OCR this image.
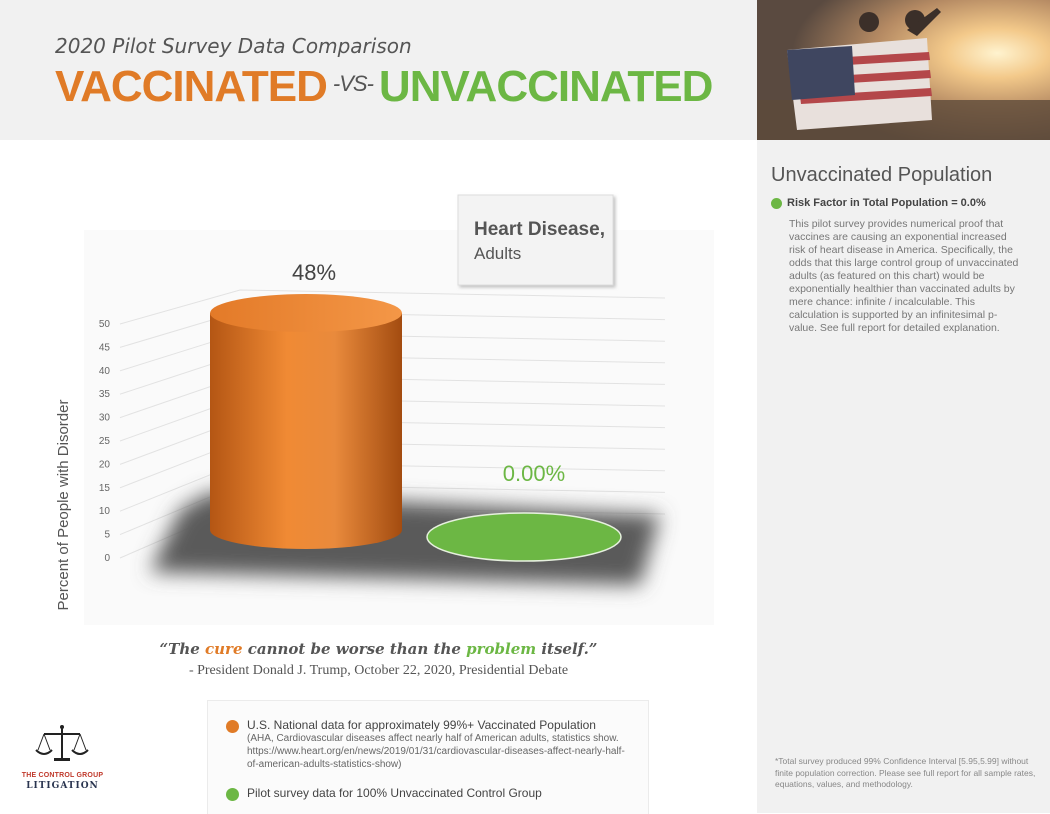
2020 Pilot Survey Data Comparison
VACCINATED $^{-VS-}$ UNVACCINATED
Unvaccinated Population
Risk Factor in Total Population = 0.0%
This pilot survey provides numerical proof that vaccines are causing an exponential increased risk of heart disease in America. Specifically, the odds that this large control group of unvaccinated adults (as featured on this chart) would be exponentially healthier than vaccinated adults by mere chance: infinite / incalculable. This calculation is supported by an infinitesimal p-value. See full report for detailed explanation.
*Total survey produced 99% Confidence Interval [5.95,5.99] without finite population correction. Please see full report for all sample rates, equations, values, and methodology.
0
5
10
15
20
25
30
35
40
45
50
48%
0.00%
Percent of People with Disorder
Heart Disease,
Adults
“The cure cannot be worse than the problem itself.”
- President Donald J. Trump, October 22, 2020, Presidential Debate
U.S. National data for approximately 99%+ Vaccinated Population
(AHA, Cardiovascular diseases affect nearly half of American adults, statistics show. https://www.heart.org/en/news/2019/01/31/cardiovascular-diseases-affect-nearly-half-of-american-adults-statistics-show)
Pilot survey data for 100% Unvaccinated Control Group
THE CONTROL GROUP
LITIGATION
